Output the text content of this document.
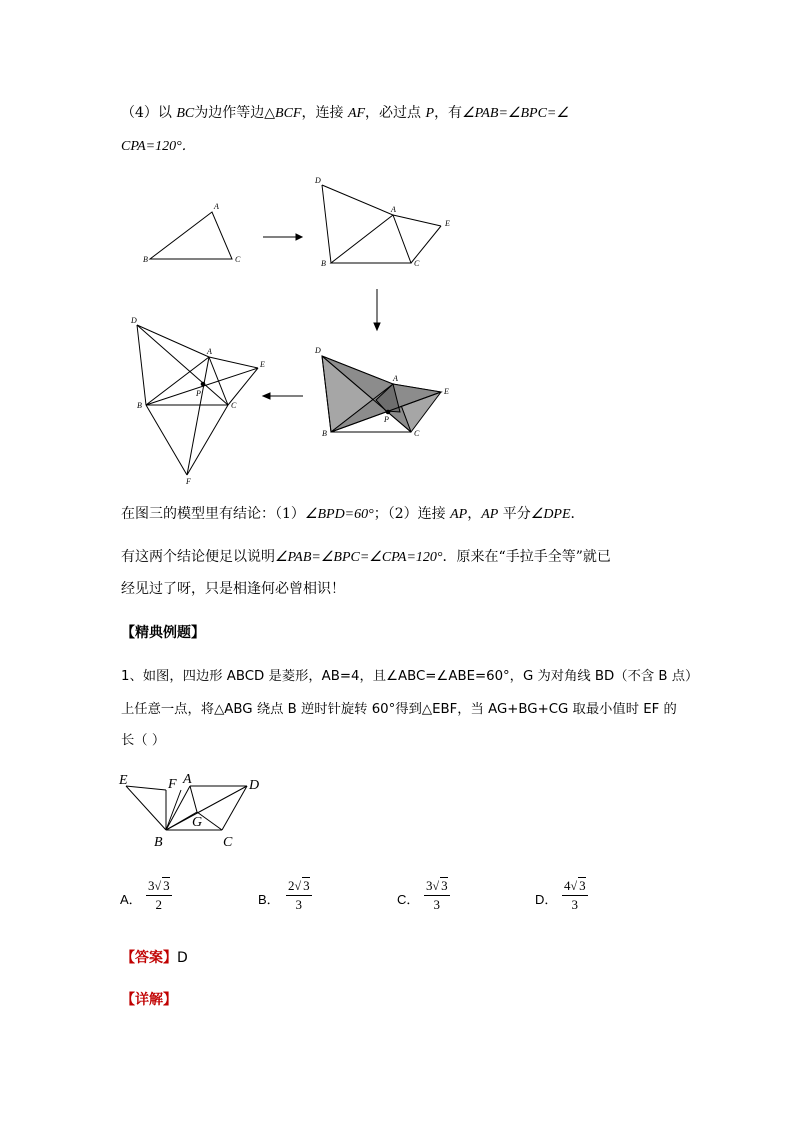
（4）以 BC为边作等边△BCF，连接 AF，必过点 P，有∠PAB=∠BPC=∠
CPA=120°．
A
B	C
D
A
E
B	C
D
A
E
P
B	C
D
A
E
P
B	C
F
E	F A	D
G
B	C
在图三的模型里有结论：（1）∠BPD=60°；（2）连接 AP，AP 平分∠DPE．
有这两个结论便足以说明∠PAB=∠BPC=∠CPA=120°．原来在“手拉手全等”就已
经见过了呀，只是相逢何必曾相识！
【精典例题】
1、如图，四边形 ABCD 是菱形，AB=4，且∠ABC=∠ABE=60°，G 为对角线 BD（不含 B 点）
上任意一点，将△ABG 绕点 B 逆时针旋转 60°得到△EBF，当 AG+BG+CG 取最小值时 EF 的
长（ ）
A． $\frac{3√ 3}{2}$	B． $\frac{2√ 3}{3}$	C． $\frac{3√ 3}{3}$	D． $\frac{4√ 3}{3}$
【答案】D
【详解】
